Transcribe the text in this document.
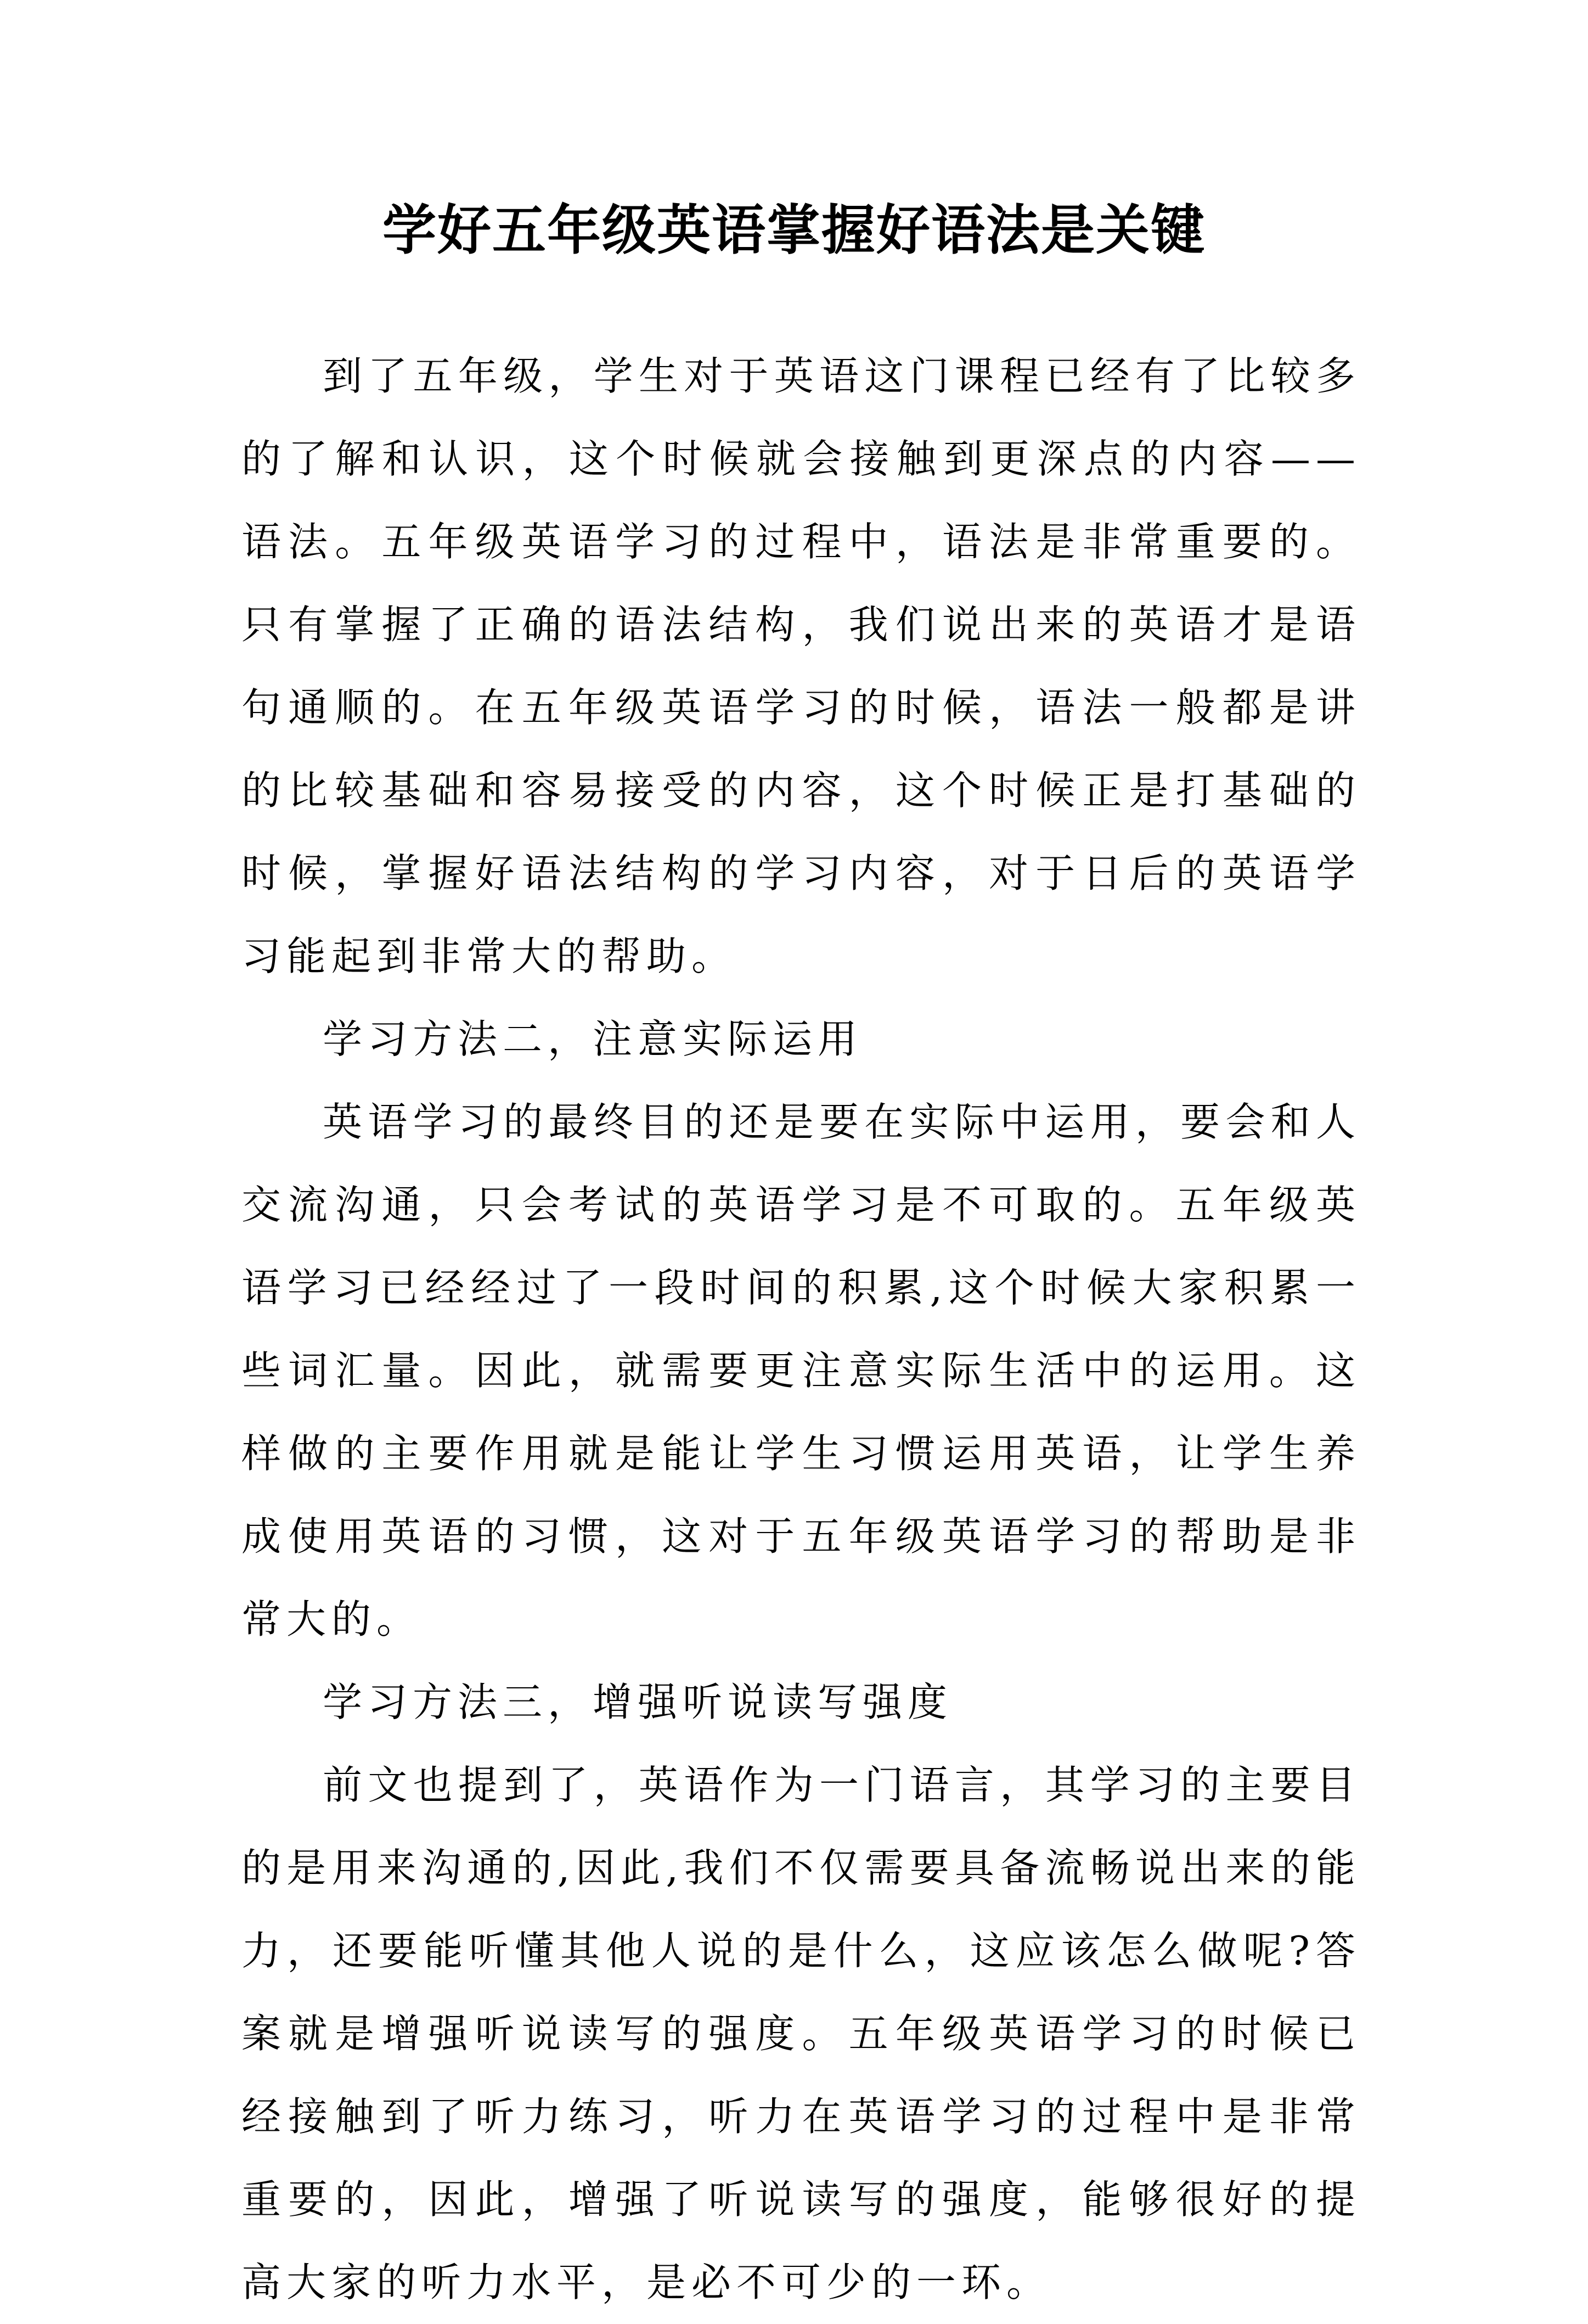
学好五年级英语掌握好语法是关键

到了五年级，学生对于英语这门课程已经有了比较多的了解和认识，这个时候就会接触到更深点的内容——语法。五年级英语学习的过程中，语法是非常重要的。只有掌握了正确的语法结构，我们说出来的英语才是语句通顺的。在五年级英语学习的时候，语法一般都是讲的比较基础和容易接受的内容，这个时候正是打基础的时候，掌握好语法结构的学习内容，对于日后的英语学习能起到非常大的帮助。

学习方法二，注意实际运用

英语学习的最终目的还是要在实际中运用，要会和人交流沟通，只会考试的英语学习是不可取的。五年级英语学习已经经过了一段时间的积累,这个时候大家积累一些词汇量。因此，就需要更注意实际生活中的运用。这样做的主要作用就是能让学生习惯运用英语，让学生养成使用英语的习惯，这对于五年级英语学习的帮助是非常大的。

学习方法三，增强听说读写强度

前文也提到了，英语作为一门语言，其学习的主要目的是用来沟通的,因此,我们不仅需要具备流畅说出来的能力，还要能听懂其他人说的是什么，这应该怎么做呢?答案就是增强听说读写的强度。五年级英语学习的时候已经接触到了听力练习，听力在英语学习的过程中是非常重要的，因此，增强了听说读写的强度，能够很好的提高大家的听力水平，是必不可少的一环。
